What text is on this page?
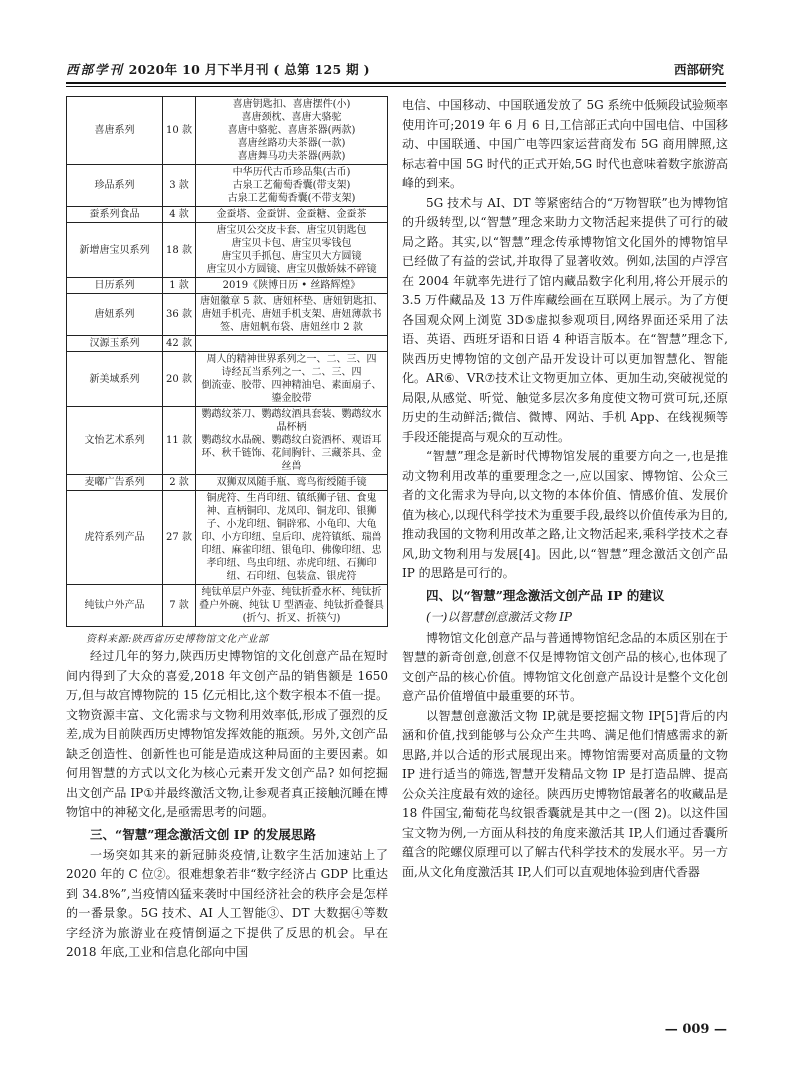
西部学刊 2020年 10 月下半月刊 ( 总第 125 期 )	西部研究
喜唐系列	10 款	喜唐钥匙扣、喜唐摆件(小)
喜唐颈枕、喜唐大骆驼
喜唐中骆驼、喜唐茶器(两款)
喜唐丝路功夫茶器(一款)
喜唐舞马功夫茶器(两款)
珍品系列	3 款	中华历代古币珍品集(古币)
古泉工艺葡萄香囊(带支架)
古泉工艺葡萄香囊(不带支架)
蚕系列食品	4 款	金蚕塔、金蚕饼、金蚕糖、金蚕茶
新增唐宝贝系列	18 款	唐宝贝公交皮卡套、唐宝贝钥匙包
唐宝贝卡包、唐宝贝零钱包
唐宝贝手抓包、唐宝贝大方圆镜
唐宝贝小方圆镜、唐宝贝傲娇妹不碎镜
日历系列	1 款	2019《陕博日历 • 丝路辉煌》
唐妞系列	36 款	唐妞徽章 5 款、唐妞杯垫、唐妞钥匙扣、唐妞手机壳、唐妞手机支架、唐妞薄款书签、唐妞帆布袋、唐妞丝巾 2 款
汉源玉系列	42 款	
新美域系列	20 款	周人的精神世界系列之一、二、三、四
诗经瓦当系列之一、二、三、四
倒流壶、胶带、四神精油皂、素面扇子、鎏金胶带
文怡艺术系列	11 款	鹦鹉纹茶刀、鹦鹉纹酒具套装、鹦鹉纹水晶杯柄
鹦鹉纹水晶碗、鹦鹉纹白瓷酒杯、观语耳环、秋千链饰、花间胸针、三藏茶具、金丝兽
麦嘟广告系列	2 款	双狮双凤随手瓶、鸾鸟衔绶随手镜
虎符系列产品	27 款	铜虎符、生肖印纽、镇纸狮子钮、食鬼神、直柄铜印、龙凤印、铜龙印、银狮子、小龙印纽、铜辟邪、小龟印、大龟印、小方印纽、皇后印、虎符镇纸、瑞兽印纽、麻雀印纽、银龟印、佛像印纽、忠孝印纽、鸟虫印纽、赤虎印纽、石狮印纽、石印纽、包装盒、银虎符
纯钛户外产品	7 款	纯钛单层户外壶、纯钛折叠水杯、纯钛折叠户外碗、纯钛 U 型酒壶、纯钛折叠餐具(折勺、折叉、折筷勺)
资料来源:陕西省历史博物馆文化产业部

经过几年的努力,陕西历史博物馆的文化创意产品在短时间内得到了大众的喜爱,2018 年文创产品的销售额是 1650 万,但与故宫博物院的 15 亿元相比,这个数字根本不值一提。文物资源丰富、文化需求与文物利用效率低,形成了强烈的反差,成为目前陕西历史博物馆发挥效能的瓶颈。另外,文创产品缺乏创造性、创新性也可能是造成这种局面的主要因素。如何用智慧的方式以文化为核心元素开发文创产品? 如何挖掘出文创产品 IP①并最终激活文物,让参观者真正接触沉睡在博物馆中的神秘文化,是亟需思考的问题。

三、“智慧”理念激活文创 IP 的发展思路

一场突如其来的新冠肺炎疫情,让数字生活加速站上了 2020 年的 C 位②。很难想象若非“数字经济占 GDP 比重达到 34.8%”,当疫情凶猛来袭时中国经济社会的秩序会是怎样的一番景象。5G 技术、AI 人工智能③、DT 大数据④等数字经济为旅游业在疫情倒逼之下提供了反思的机会。早在 2018 年底,工业和信息化部向中国

电信、中国移动、中国联通发放了 5G 系统中低频段试验频率使用许可;2019 年 6 月 6 日,工信部正式向中国电信、中国移动、中国联通、中国广电等四家运营商发布 5G 商用牌照,这标志着中国 5G 时代的正式开始,5G 时代也意味着数字旅游高峰的到来。

5G 技术与 AI、DT 等紧密结合的“万物智联”也为博物馆的升级转型,以“智慧”理念来助力文物活起来提供了可行的破局之路。其实,以“智慧”理念传承博物馆文化国外的博物馆早已经做了有益的尝试,并取得了显著收效。例如,法国的卢浮宫在 2004 年就率先进行了馆内藏品数字化利用,将公开展示的 3.5 万件藏品及 13 万件库藏绘画在互联网上展示。为了方便各国观众网上浏览 3D⑤虚拟参观项目,网络界面还采用了法语、英语、西班牙语和日语 4 种语言版本。在“智慧”理念下,陕西历史博物馆的文创产品开发设计可以更加智慧化、智能化。AR⑥、VR⑦技术让文物更加立体、更加生动,突破视觉的局限,从感觉、听觉、触觉多层次多角度使文物可赏可玩,还原历史的生动鲜活;微信、微博、网站、手机 App、在线视频等手段还能提高与观众的互动性。

“智慧”理念是新时代博物馆发展的重要方向之一,也是推动文物利用改革的重要理念之一,应以国家、博物馆、公众三者的文化需求为导向,以文物的本体价值、情感价值、发展价值为核心,以现代科学技术为重要手段,最终以价值传承为目的,推动我国的文物利用改革之路,让文物活起来,乘科学技术之春风,助文物利用与发展[4]。因此,以“智慧”理念激活文创产品 IP 的思路是可行的。

四、以“智慧”理念激活文创产品 IP 的建议
(一)以智慧创意激活文物 IP

博物馆文化创意产品与普通博物馆纪念品的本质区别在于智慧的新奇创意,创意不仅是博物馆文创产品的核心,也体现了文创产品的核心价值。博物馆文化创意产品设计是整个文化创意产品价值增值中最重要的环节。

以智慧创意激活文物 IP,就是要挖掘文物 IP[5]背后的内涵和价值,找到能够与公众产生共鸣、满足他们情感需求的新思路,并以合适的形式展现出来。博物馆需要对高质量的文物 IP 进行适当的筛选,智慧开发精品文物 IP 是打造品牌、提高公众关注度最有效的途径。陕西历史博物馆最著名的收藏品是 18 件国宝,葡萄花鸟纹银香囊就是其中之一(图 2)。以这件国宝文物为例,一方面从科技的角度来激活其 IP,人们通过香囊所蕴含的陀螺仪原理可以了解古代科学技术的发展水平。另一方面,从文化角度激活其 IP,人们可以直观地体验到唐代香器

— 009 —
